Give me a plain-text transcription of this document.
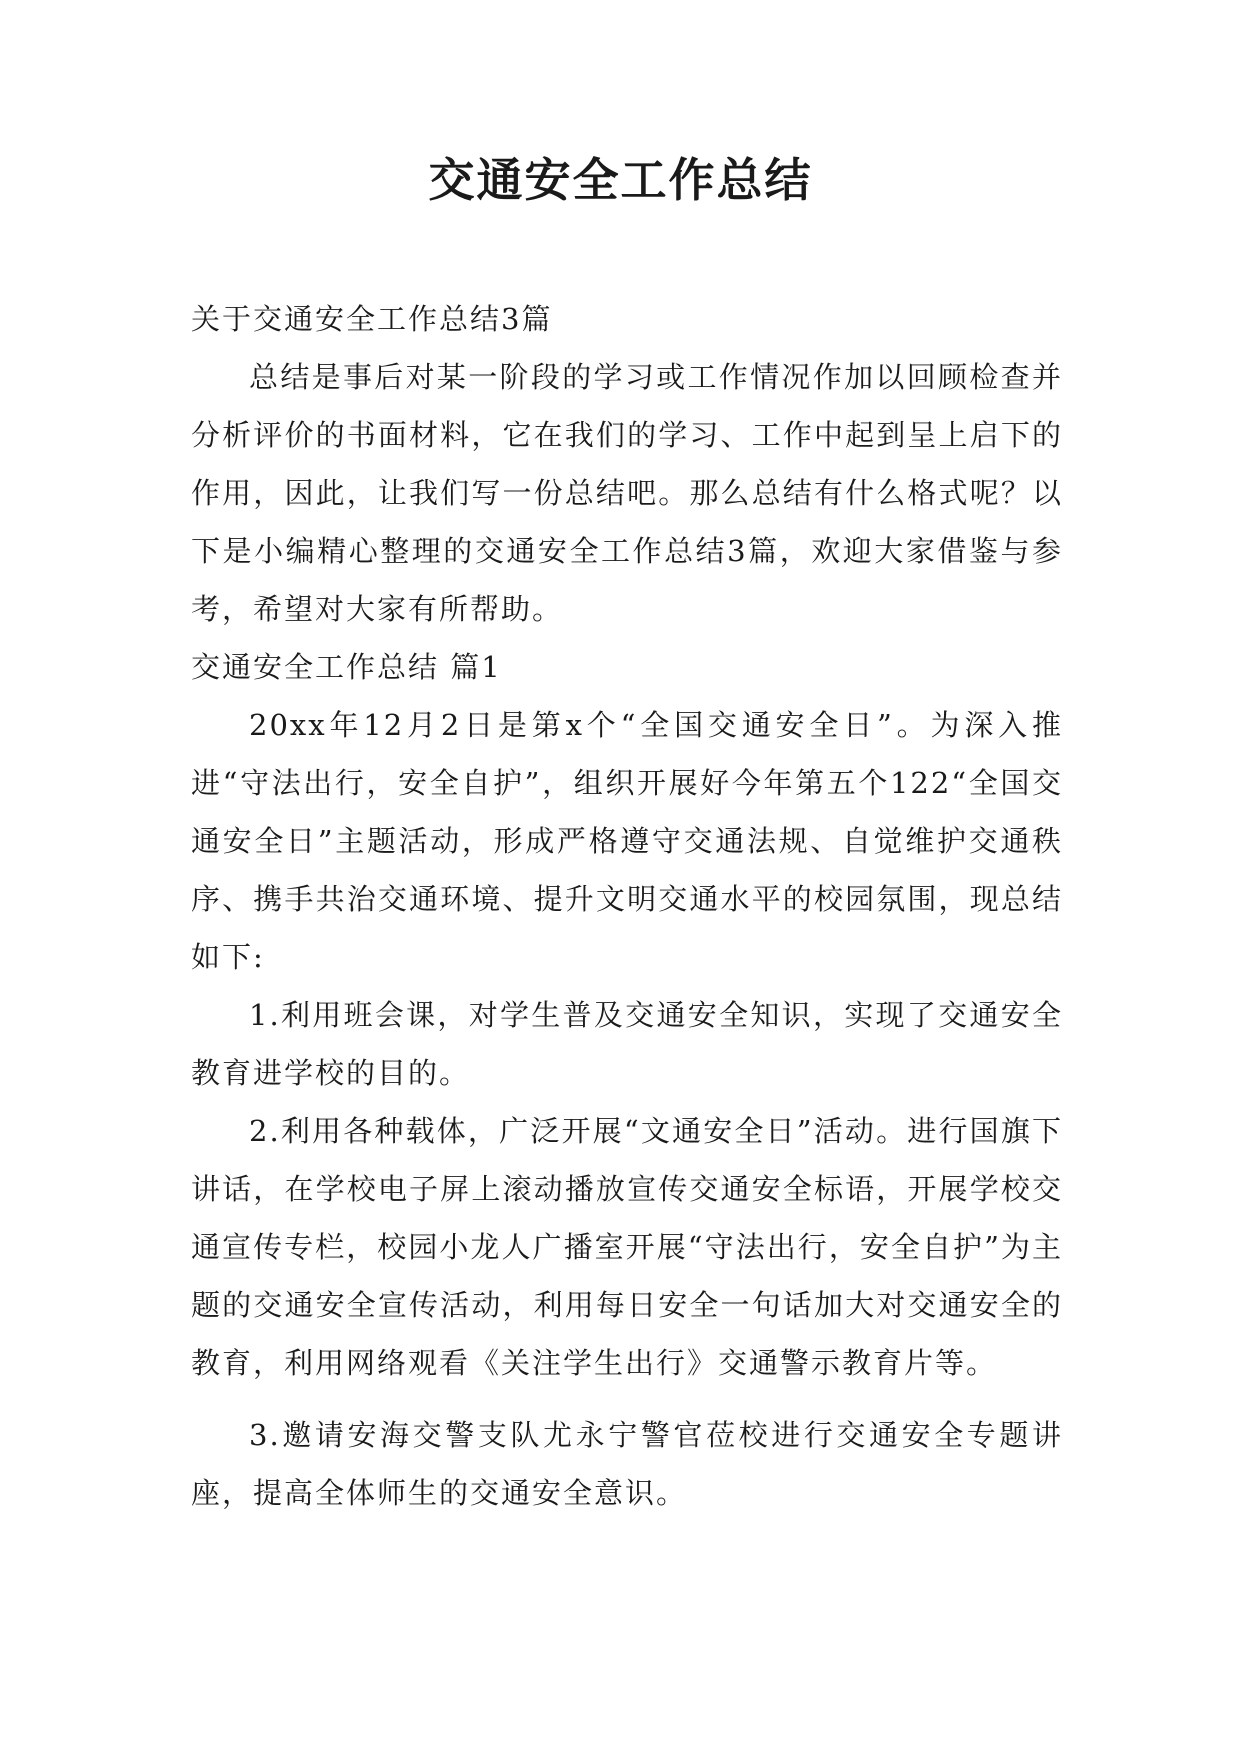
交通安全工作总结

关于交通安全工作总结3篇

总结是事后对某一阶段的学习或工作情况作加以回顾检查并分析评价的书面材料，它在我们的学习、工作中起到呈上启下的作用，因此，让我们写一份总结吧。那么总结有什么格式呢？以下是小编精心整理的交通安全工作总结3篇，欢迎大家借鉴与参考，希望对大家有所帮助。

交通安全工作总结 篇1

20xx年12月2日是第x个“全国交通安全日”。为深入推进“守法出行，安全自护”，组织开展好今年第五个122“全国交通安全日”主题活动，形成严格遵守交通法规、自觉维护交通秩序、携手共治交通环境、提升文明交通水平的校园氛围，现总结如下:

1.利用班会课，对学生普及交通安全知识，实现了交通安全教育进学校的目的。

2.利用各种载体，广泛开展“文通安全日”活动。进行国旗下讲话，在学校电子屏上滚动播放宣传交通安全标语，开展学校交通宣传专栏，校园小龙人广播室开展“守法出行，安全自护”为主题的交通安全宣传活动，利用每日安全一句话加大对交通安全的教育，利用网络观看《关注学生出行》交通警示教育片等。

3.邀请安海交警支队尤永宁警官莅校进行交通安全专题讲座，提高全体师生的交通安全意识。
